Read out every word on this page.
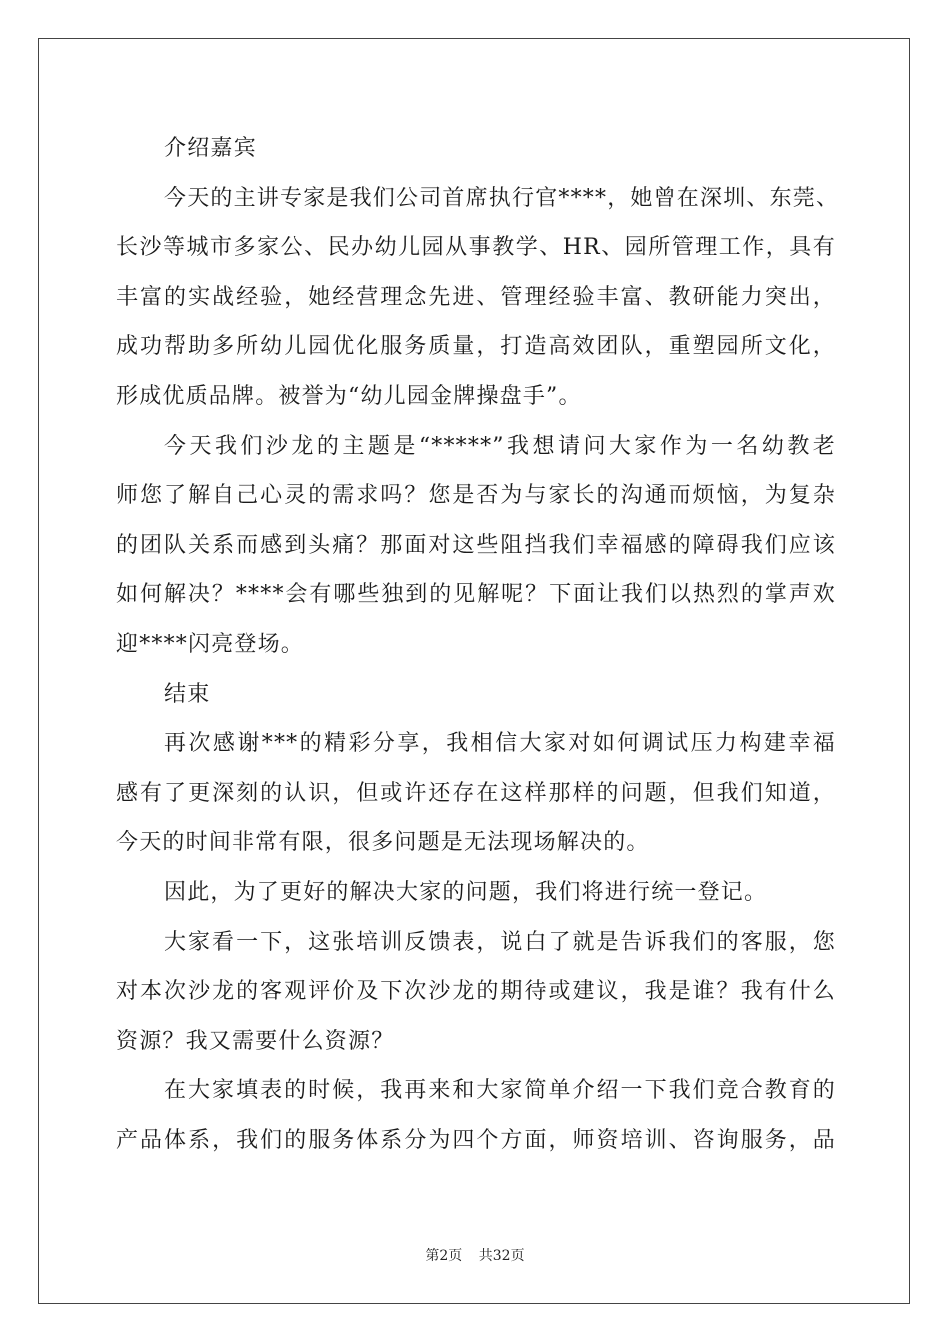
介绍嘉宾
今天的主讲专家是我们公司首席执行官****，她曾在深圳、东莞、
长沙等城市多家公、民办幼儿园从事教学、HR、园所管理工作，具有
丰富的实战经验，她经营理念先进、管理经验丰富、教研能力突出，
成功帮助多所幼儿园优化服务质量，打造高效团队，重塑园所文化，
形成优质品牌。被誉为“幼儿园金牌操盘手”。
今天我们沙龙的主题是“*****”我想请问大家作为一名幼教老
师您了解自己心灵的需求吗？您是否为与家长的沟通而烦恼，为复杂
的团队关系而感到头痛？那面对这些阻挡我们幸福感的障碍我们应该
如何解决？****会有哪些独到的见解呢？下面让我们以热烈的掌声欢
迎****闪亮登场。
结束
再次感谢***的精彩分享，我相信大家对如何调试压力构建幸福
感有了更深刻的认识，但或许还存在这样那样的问题，但我们知道，
今天的时间非常有限，很多问题是无法现场解决的。
因此，为了更好的解决大家的问题，我们将进行统一登记。
大家看一下，这张培训反馈表，说白了就是告诉我们的客服，您
对本次沙龙的客观评价及下次沙龙的期待或建议，我是谁？我有什么
资源？我又需要什么资源？
在大家填表的时候，我再来和大家简单介绍一下我们竞合教育的
产品体系，我们的服务体系分为四个方面，师资培训、咨询服务，品
第2页 共32页
